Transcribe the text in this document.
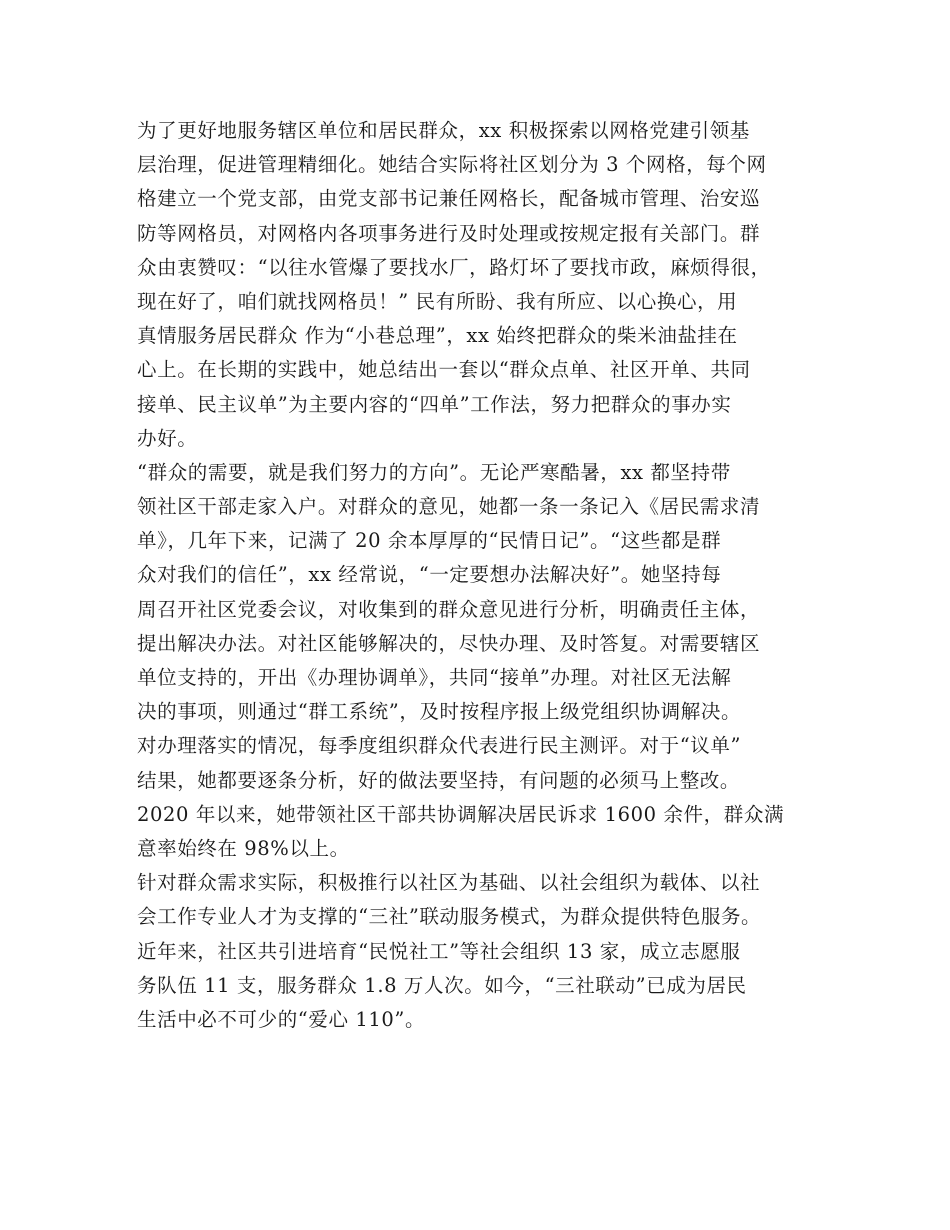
为了更好地服务辖区单位和居民群众，xx 积极探索以网格党建引领基
层治理，促进管理精细化。她结合实际将社区划分为 3 个网格，每个网
格建立一个党支部，由党支部书记兼任网格长，配备城市管理、治安巡
防等网格员，对网格内各项事务进行及时处理或按规定报有关部门。群
众由衷赞叹：“以往水管爆了要找水厂，路灯坏了要找市政，麻烦得很，
现在好了，咱们就找网格员！” 民有所盼、我有所应、以心换心，用
真情服务居民群众 作为“小巷总理”，xx 始终把群众的柴米油盐挂在
心上。在长期的实践中，她总结出一套以“群众点单、社区开单、共同
接单、民主议单”为主要内容的“四单”工作法，努力把群众的事办实
办好。
“群众的需要，就是我们努力的方向”。无论严寒酷暑，xx 都坚持带
领社区干部走家入户。对群众的意见，她都一条一条记入《居民需求清
单》，几年下来，记满了 20 余本厚厚的“民情日记”。“这些都是群
众对我们的信任”，xx 经常说，“一定要想办法解决好”。她坚持每
周召开社区党委会议，对收集到的群众意见进行分析，明确责任主体，
提出解决办法。对社区能够解决的，尽快办理、及时答复。对需要辖区
单位支持的，开出《办理协调单》，共同“接单”办理。对社区无法解
决的事项，则通过“群工系统”，及时按程序报上级党组织协调解决。
对办理落实的情况，每季度组织群众代表进行民主测评。对于“议单”
结果，她都要逐条分析，好的做法要坚持，有问题的必须马上整改。
2020 年以来，她带领社区干部共协调解决居民诉求 1600 余件，群众满
意率始终在 98%以上。
针对群众需求实际，积极推行以社区为基础、以社会组织为载体、以社
会工作专业人才为支撑的“三社”联动服务模式，为群众提供特色服务。
近年来，社区共引进培育“民悦社工”等社会组织 13 家，成立志愿服
务队伍 11 支，服务群众 1.8 万人次。如今，“三社联动”已成为居民
生活中必不可少的“爱心 110”。
